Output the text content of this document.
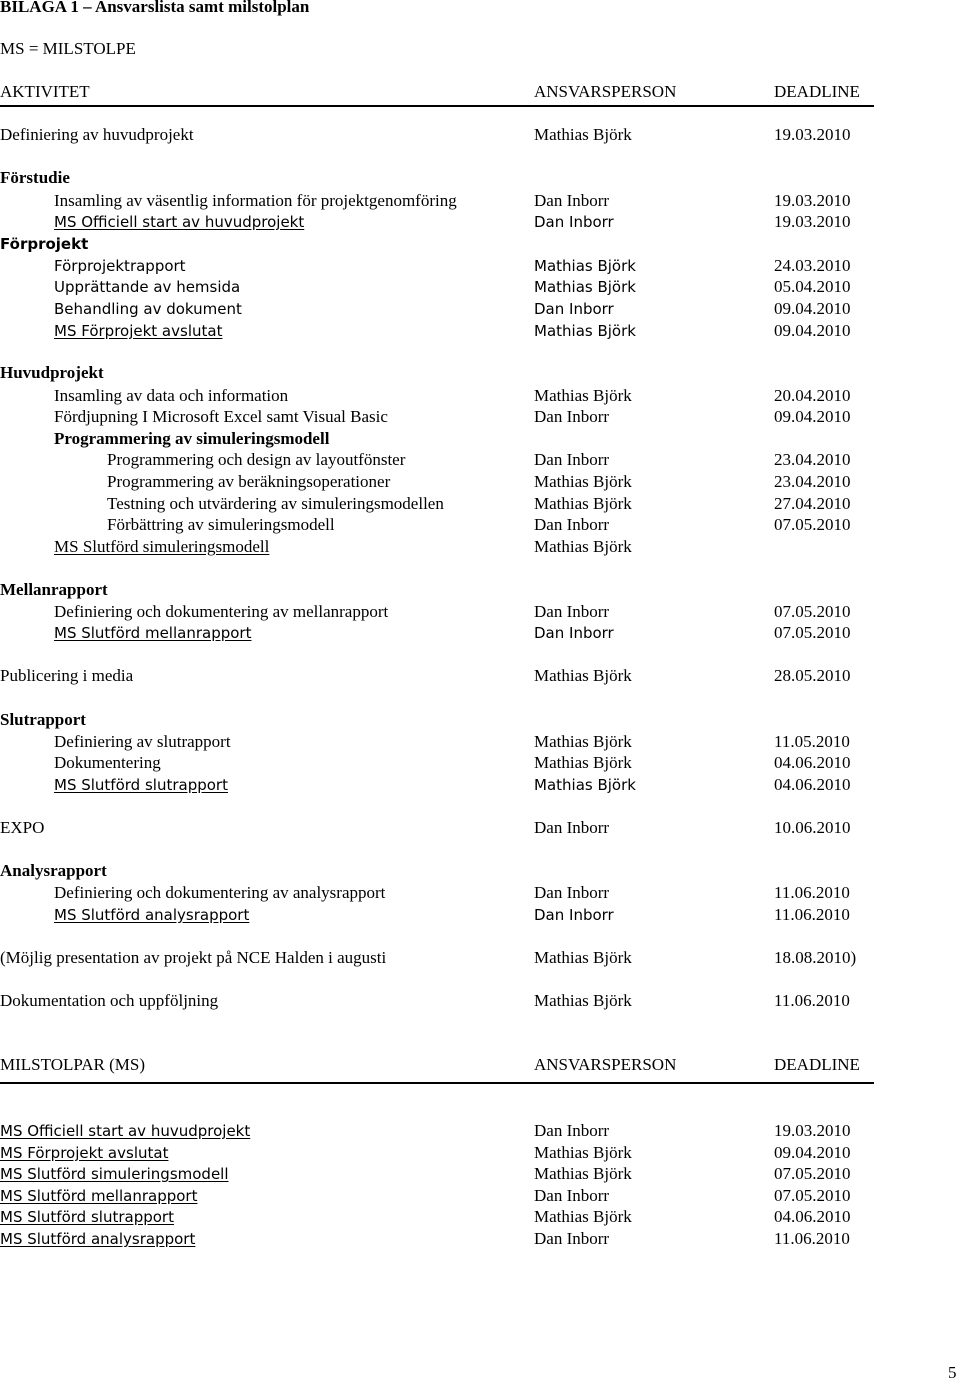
BILAGA 1 – Ansvarslista samt milstolplan
MS = MILSTOLPE
AKTIVITET	ANSVARSPERSON	DEADLINE
Definiering av huvudprojekt	Mathias Björk	19.03.2010
Förstudie
Insamling av väsentlig information för projektgenomföring	Dan Inborr	19.03.2010
MS Officiell start av huvudprojekt	Dan Inborr	19.03.2010
Förprojekt
Förprojektrapport	Mathias Björk	24.03.2010
Upprättande av hemsida	Mathias Björk	05.04.2010
Behandling av dokument	Dan Inborr	09.04.2010
MS Förprojekt avslutat	Mathias Björk	09.04.2010
Huvudprojekt
Insamling av data och information	Mathias Björk	20.04.2010
Fördjupning I Microsoft Excel samt Visual Basic	Dan Inborr	09.04.2010
Programmering av simuleringsmodell
Programmering och design av layoutfönster	Dan Inborr	23.04.2010
Programmering av beräkningsoperationer	Mathias Björk	23.04.2010
Testning och utvärdering av simuleringsmodellen	Mathias Björk	27.04.2010
Förbättring av simuleringsmodell	Dan Inborr	07.05.2010
MS Slutförd simuleringsmodell	Mathias Björk
Mellanrapport
Definiering och dokumentering av mellanrapport	Dan Inborr	07.05.2010
MS Slutförd mellanrapport	Dan Inborr	07.05.2010
Publicering i media	Mathias Björk	28.05.2010
Slutrapport
Definiering av slutrapport	Mathias Björk	11.05.2010
Dokumentering	Mathias Björk	04.06.2010
MS Slutförd slutrapport	Mathias Björk	04.06.2010
EXPO	Dan Inborr	10.06.2010
Analysrapport
Definiering och dokumentering av analysrapport	Dan Inborr	11.06.2010
MS Slutförd analysrapport	Dan Inborr	11.06.2010
(Möjlig presentation av projekt på NCE Halden i augusti	Mathias Björk	18.08.2010)
Dokumentation och uppföljning	Mathias Björk	11.06.2010
MILSTOLPAR (MS)	ANSVARSPERSON	DEADLINE
MS Officiell start av huvudprojekt	Dan Inborr	19.03.2010
MS Förprojekt avslutat	Mathias Björk	09.04.2010
MS Slutförd simuleringsmodell	Mathias Björk	07.05.2010
MS Slutförd mellanrapport	Dan Inborr	07.05.2010
MS Slutförd slutrapport	Mathias Björk	04.06.2010
MS Slutförd analysrapport	Dan Inborr	11.06.2010
5
